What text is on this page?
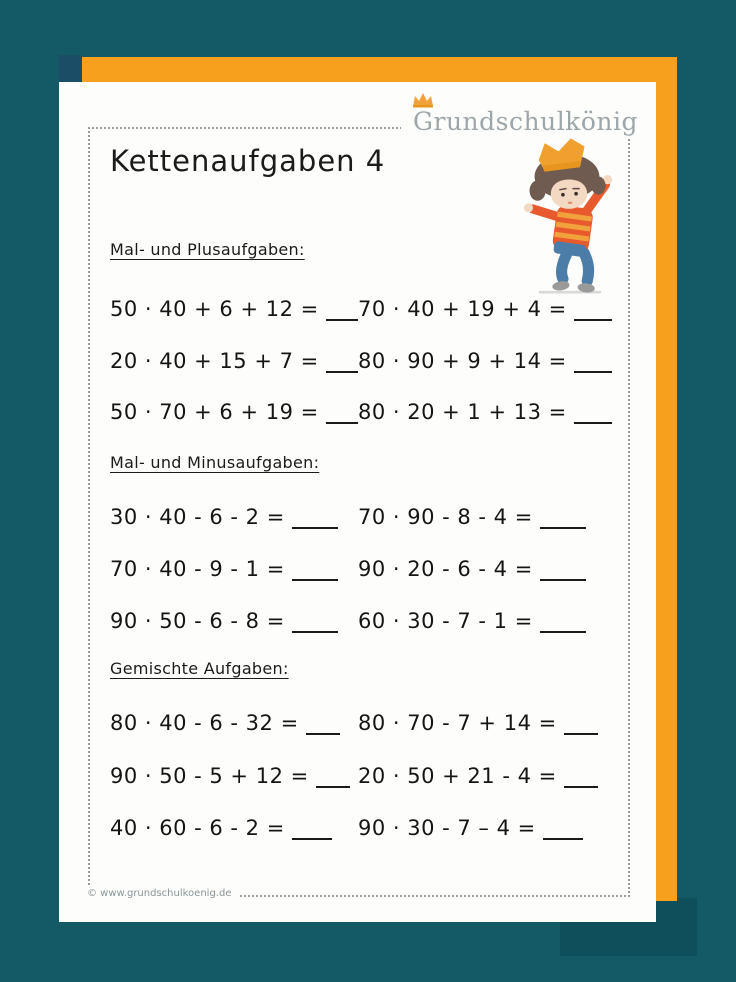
Grundschulkönig
Kettenaufgaben 4
Mal- und Plusaufgaben:
50 · 40 + 6 + 12 = 70 · 40 + 19 + 4 =
20 · 40 + 15 + 7 = 80 · 90 + 9 + 14 =
50 · 70 + 6 + 19 = 80 · 20 + 1 + 13 =
Mal- und Minusaufgaben:
30 · 40 - 6 - 2 =	70 · 90 - 8 - 4 =
70 · 40 - 9 - 1 =	90 · 20 - 6 - 4 =
90 · 50 - 6 - 8 =	60 · 30 - 7 - 1 =
Gemischte Aufgaben:
80 · 40 - 6 - 32 =	80 · 70 - 7 + 14 =
90 · 50 - 5 + 12 = 20 · 50 + 21 - 4 =
40 · 60 - 6 - 2 =	90 · 30 - 7 – 4 =
© www.grundschulkoenig.de
